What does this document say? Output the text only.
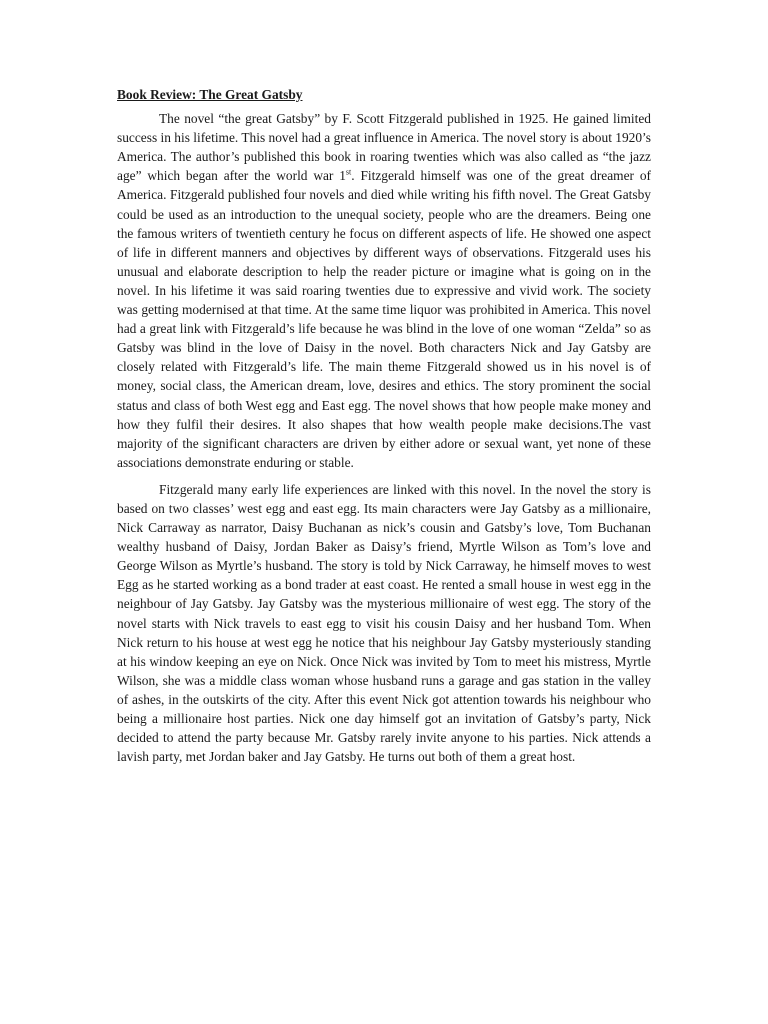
Book Review: The Great Gatsby

The novel “the great Gatsby” by F. Scott Fitzgerald published in 1925. He gained limited success in his lifetime. This novel had a great influence in America. The novel story is about 1920’s America. The author’s published this book in roaring twenties which was also called as “the jazz age” which began after the world war 1st. Fitzgerald himself was one of the great dreamer of America. Fitzgerald published four novels and died while writing his fifth novel. The Great Gatsby could be used as an introduction to the unequal society, people who are the dreamers. Being one the famous writers of twentieth century he focus on different aspects of life. He showed one aspect of life in different manners and objectives by different ways of observations. Fitzgerald uses his unusual and elaborate description to help the reader picture or imagine what is going on in the novel. In his lifetime it was said roaring twenties due to expressive and vivid work. The society was getting modernised at that time. At the same time liquor was prohibited in America. This novel had a great link with Fitzgerald’s life because he was blind in the love of one woman “Zelda” so as Gatsby was blind in the love of Daisy in the novel. Both characters Nick and Jay Gatsby are closely related with Fitzgerald’s life. The main theme Fitzgerald showed us in his novel is of money, social class, the American dream, love, desires and ethics. The story prominent the social status and class of both West egg and East egg. The novel shows that how people make money and how they fulfil their desires. It also shapes that how wealth people make decisions.The vast majority of the significant characters are driven by either adore or sexual want, yet none of these associations demonstrate enduring or stable.

Fitzgerald many early life experiences are linked with this novel. In the novel the story is based on two classes’ west egg and east egg. Its main characters were Jay Gatsby as a millionaire, Nick Carraway as narrator, Daisy Buchanan as nick’s cousin and Gatsby’s love, Tom Buchanan wealthy husband of Daisy, Jordan Baker as Daisy’s friend, Myrtle Wilson as Tom’s love and George Wilson as Myrtle’s husband. The story is told by Nick Carraway, he himself moves to west Egg as he started working as a bond trader at east coast. He rented a small house in west egg in the neighbour of Jay Gatsby. Jay Gatsby was the mysterious millionaire of west egg. The story of the novel starts with Nick travels to east egg to visit his cousin Daisy and her husband Tom. When Nick return to his house at west egg he notice that his neighbour Jay Gatsby mysteriously standing at his window keeping an eye on Nick. Once Nick was invited by Tom to meet his mistress, Myrtle Wilson, she was a middle class woman whose husband runs a garage and gas station in the valley of ashes, in the outskirts of the city. After this event Nick got attention towards his neighbour who being a millionaire host parties. Nick one day himself got an invitation of Gatsby’s party, Nick decided to attend the party because Mr. Gatsby rarely invite anyone to his parties. Nick attends a lavish party, met Jordan baker and Jay Gatsby. He turns out both of them a great host.
